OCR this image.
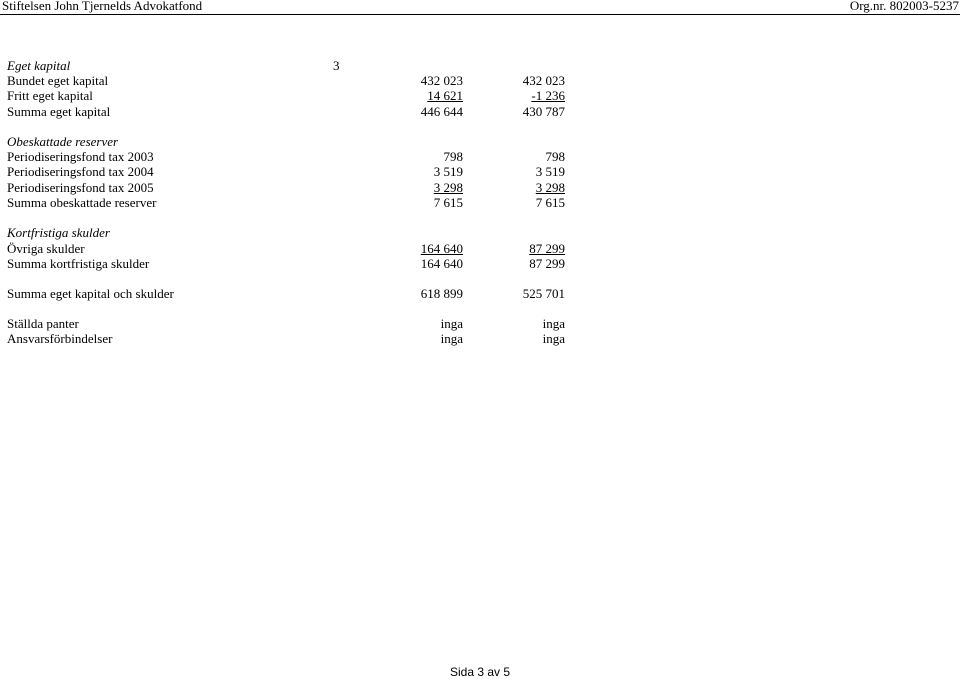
Stiftelsen John Tjernelds Advokatfond	Org.nr. 802003-5237
Eget kapital	3
Bundet eget kapital	432 023	432 023
Fritt eget kapital	14 621	-1 236
Summa eget kapital	446 644	430 787
Obeskattade reserver
Periodiseringsfond tax 2003	798	798
Periodiseringsfond tax 2004	3 519	3 519
Periodiseringsfond tax 2005	3 298	3 298
Summa obeskattade reserver	7 615	7 615
Kortfristiga skulder
Övriga skulder	164 640	87 299
Summa kortfristiga skulder	164 640	87 299
Summa eget kapital och skulder	618 899	525 701
Ställda panter	inga	inga
Ansvarsförbindelser	inga	inga
Sida 3 av 5
